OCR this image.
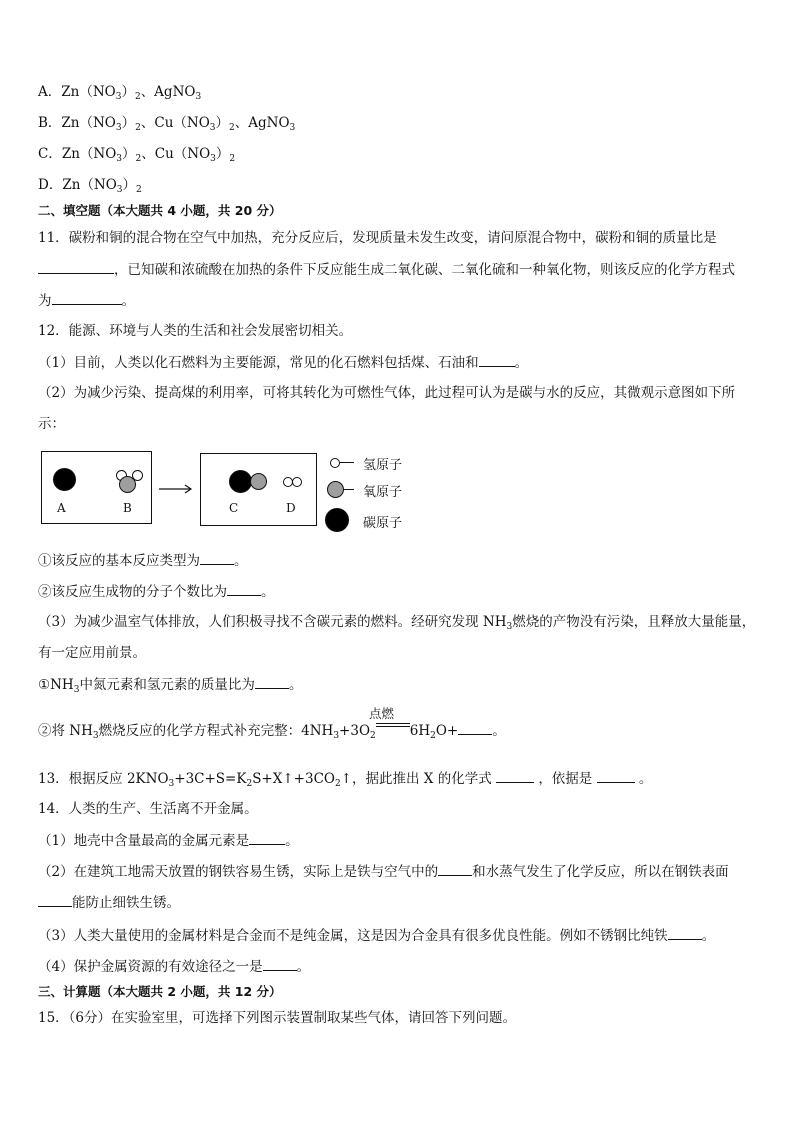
A．$Zn(NO_3)_2$、AgNO$_3$
B．$Zn(NO_3)_2$、$Cu(NO_3)_2$、AgNO$_3$
C．$Zn(NO_3)_2$、$Cu(NO_3)_2$
D．$Zn(NO_3)_2$
二、填空题（本大题共 4 小题，共 20 分）
11．碳粉和铜的混合物在空气中加热，充分反应后，发现质量未发生改变，请问原混合物中，碳粉和铜的质量比是
，已知碳和浓硫酸在加热的条件下反应能生成二氧化碳、二氧化硫和一种氧化物，则该反应的化学方程式
为	。
12．能源、环境与人类的生活和社会发展密切相关。
（1）目前，人类以化石燃料为主要能源，常见的化石燃料包括煤、石油和	。
（2）为减少污染、提高煤的利用率，可将其转化为可燃性气体，此过程可认为是碳与水的反应，其微观示意图如下所
示：
A	B	C	D
氢原子
氧原子
碳原子
①该反应的基本反应类型为	。
②该反应生成物的分子个数比为	。
（3）为减少温室气体排放，人们积极寻找不含碳元素的燃料。经研究发现 $NH_3$燃烧的产物没有污染，且释放大量能量，
有一定应用前景。
$①NH_3$中氮元素和氢元素的质量比为	。
②将 $NH_3$燃烧反应的化学方程式补充完整：$4NH_3+3O_2$	$6H_2O+$	。
点燃
13．根据反应 $2KNO_3+3C+S=K_2S+X↑+3CO_2↑$，据此推出 X 的化学式	，依据是	。
14．人类的生产、生活离不开金属。
（1）地壳中含量最高的金属元素是	。
（2）在建筑工地需天放置的钢铁容易生锈，实际上是铁与空气中的	和水蒸气发生了化学反应，所以在钢铁表面
能防止细铁生锈。
（3）人类大量使用的金属材料是合金而不是纯金属，这是因为合金具有很多优良性能。例如不锈钢比纯铁	。
（4）保护金属资源的有效途径之一是	。
三、计算题（本大题共 2 小题，共 12 分）
15．（6分）在实验室里，可选择下列图示装置制取某些气体，请回答下列问题。
